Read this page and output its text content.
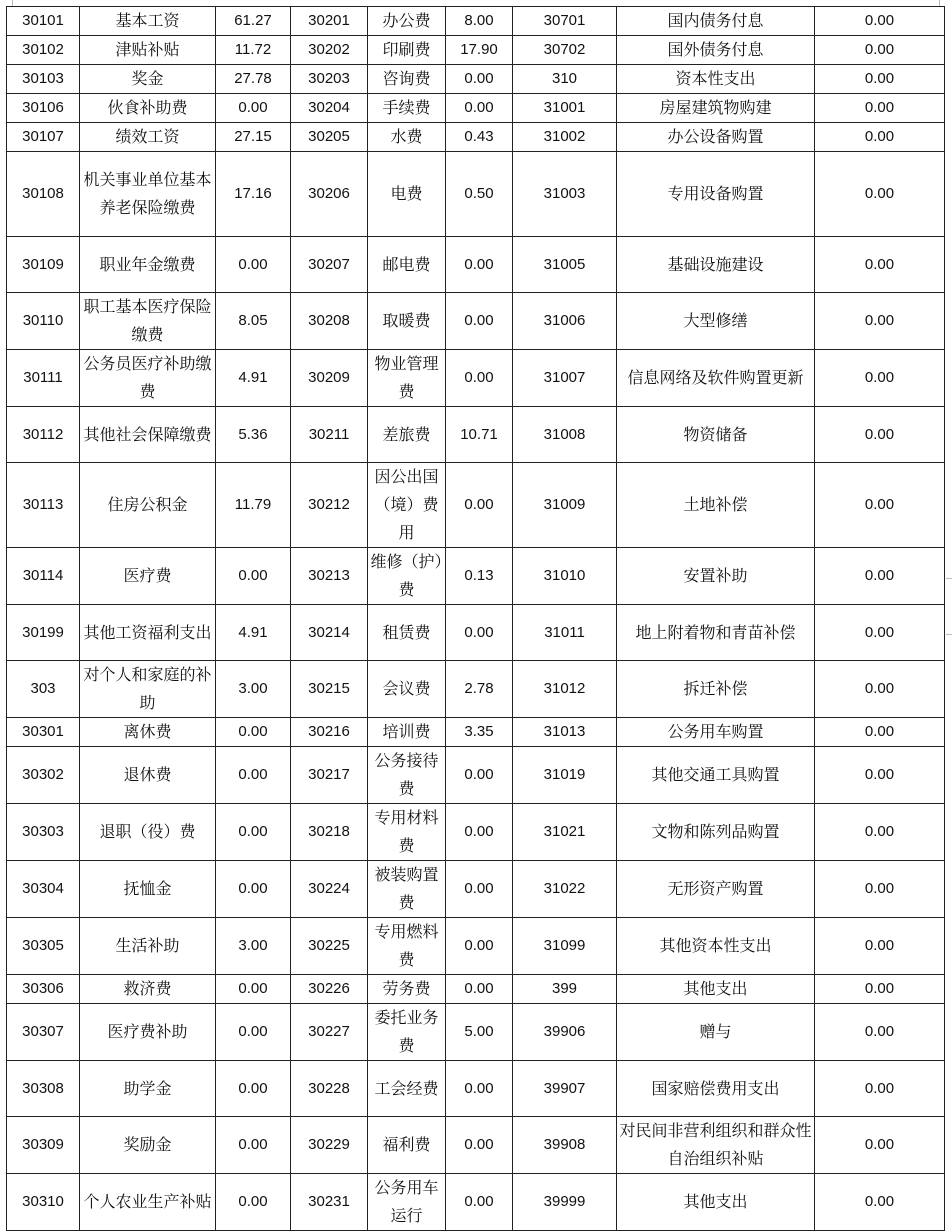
30101	基本工资	61.27	30201	办公费	8.00	30701	国内债务付息	0.00
30102	津贴补贴	11.72	30202	印刷费	17.90	30702	国外债务付息	0.00
30103	奖金	27.78	30203	咨询费	0.00	310	资本性支出	0.00
30106	伙食补助费	0.00	30204	手续费	0.00	31001	房屋建筑物购建	0.00
30107	绩效工资	27.15	30205	水费	0.43	31002	办公设备购置	0.00
30108	机关事业单位基本养老保险缴费	17.16	30206	电费	0.50	31003	专用设备购置	0.00
30109	职业年金缴费	0.00	30207	邮电费	0.00	31005	基础设施建设	0.00
30110	职工基本医疗保险缴费	8.05	30208	取暖费	0.00	31006	大型修缮	0.00
30111	公务员医疗补助缴费	4.91	30209	物业管理费	0.00	31007	信息网络及软件购置更新	0.00
30112	其他社会保障缴费	5.36	30211	差旅费	10.71	31008	物资储备	0.00
30113	住房公积金	11.79	30212	因公出国（境）费用	0.00	31009	土地补偿	0.00
30114	医疗费	0.00	30213	维修（护）费	0.13	31010	安置补助	0.00
30199	其他工资福利支出	4.91	30214	租赁费	0.00	31011	地上附着物和青苗补偿	0.00
303	对个人和家庭的补助	3.00	30215	会议费	2.78	31012	拆迁补偿	0.00
30301	离休费	0.00	30216	培训费	3.35	31013	公务用车购置	0.00
30302	退休费	0.00	30217	公务接待费	0.00	31019	其他交通工具购置	0.00
30303	退职（役）费	0.00	30218	专用材料费	0.00	31021	文物和陈列品购置	0.00
30304	抚恤金	0.00	30224	被装购置费	0.00	31022	无形资产购置	0.00
30305	生活补助	3.00	30225	专用燃料费	0.00	31099	其他资本性支出	0.00
30306	救济费	0.00	30226	劳务费	0.00	399	其他支出	0.00
30307	医疗费补助	0.00	30227	委托业务费	5.00	39906	赠与	0.00
30308	助学金	0.00	30228	工会经费	0.00	39907	国家赔偿费用支出	0.00
30309	奖励金	0.00	30229	福利费	0.00	39908	对民间非营利组织和群众性自治组织补贴	0.00
30310	个人农业生产补贴	0.00	30231	公务用车运行	0.00	39999	其他支出	0.00
